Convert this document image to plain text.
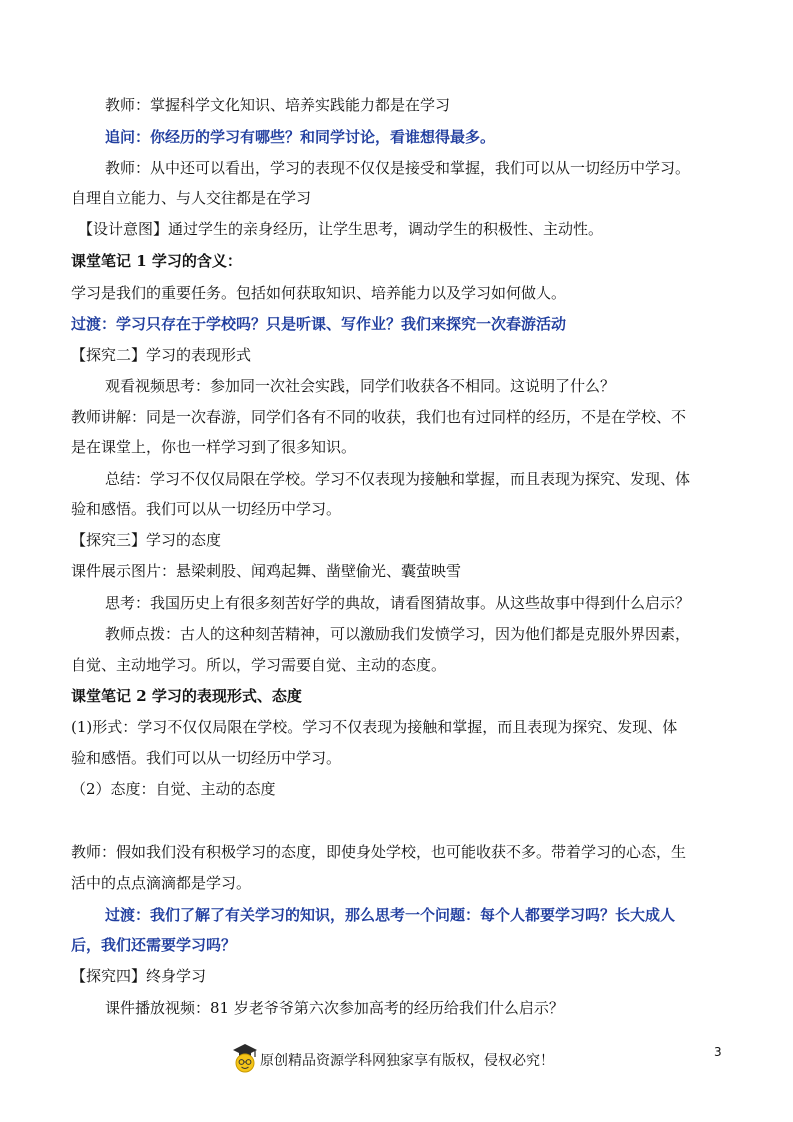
教师：掌握科学文化知识、培养实践能力都是在学习
追问：你经历的学习有哪些？和同学讨论，看谁想得最多。
教师：从中还可以看出，学习的表现不仅仅是接受和掌握，我们可以从一切经历中学习。
自理自立能力、与人交往都是在学习
【设计意图】通过学生的亲身经历，让学生思考，调动学生的积极性、主动性。
课堂笔记 1 学习的含义：
学习是我们的重要任务。包括如何获取知识、培养能力以及学习如何做人。
过渡：学习只存在于学校吗？只是听课、写作业？我们来探究一次春游活动
【探究二】学习的表现形式
观看视频思考：参加同一次社会实践，同学们收获各不相同。这说明了什么？
教师讲解：同是一次春游，同学们各有不同的收获，我们也有过同样的经历，不是在学校、不
是在课堂上，你也一样学习到了很多知识。
总结：学习不仅仅局限在学校。学习不仅表现为接触和掌握，而且表现为探究、发现、体
验和感悟。我们可以从一切经历中学习。
【探究三】学习的态度
课件展示图片：悬梁刺股、闻鸡起舞、凿壁偷光、囊萤映雪
思考：我国历史上有很多刻苦好学的典故，请看图猜故事。从这些故事中得到什么启示？
教师点拨：古人的这种刻苦精神，可以激励我们发愤学习，因为他们都是克服外界因素，
自觉、主动地学习。所以，学习需要自觉、主动的态度。
课堂笔记 2 学习的表现形式、态度
(1)形式：学习不仅仅局限在学校。学习不仅表现为接触和掌握，而且表现为探究、发现、体
验和感悟。我们可以从一切经历中学习。
（2）态度：自觉、主动的态度
教师：假如我们没有积极学习的态度，即使身处学校，也可能收获不多。带着学习的心态，生
活中的点点滴滴都是学习。
过渡：我们了解了有关学习的知识，那么思考一个问题：每个人都要学习吗？长大成人
后，我们还需要学习吗？
【探究四】终身学习
课件播放视频：81 岁老爷爷第六次参加高考的经历给我们什么启示？
3
原创精品资源学科网独家享有版权，侵权必究！
